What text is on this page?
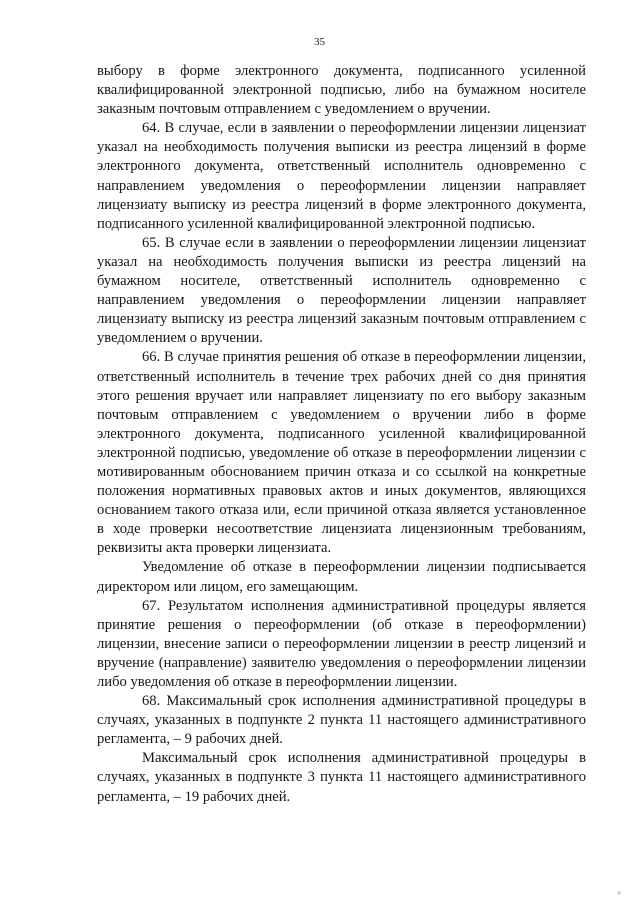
35

выбору в форме электронного документа, подписанного усиленной квалифицированной электронной подписью, либо на бумажном носителе заказным почтовым отправлением с уведомлением о вручении.

64. В случае, если в заявлении о переоформлении лицензии лицензиат указал на необходимость получения выписки из реестра лицензий в форме электронного документа, ответственный исполнитель одновременно с направлением уведомления о переоформлении лицензии направляет лицензиату выписку из реестра лицензий в форме электронного документа, подписанного усиленной квалифицированной электронной подписью.

65. В случае если в заявлении о переоформлении лицензии лицензиат указал на необходимость получения выписки из реестра лицензий на бумажном носителе, ответственный исполнитель одновременно с направлением уведомления о переоформлении лицензии направляет лицензиату выписку из реестра лицензий заказным почтовым отправлением с уведомлением о вручении.

66. В случае принятия решения об отказе в переоформлении лицензии, ответственный исполнитель в течение трех рабочих дней со дня принятия этого решения вручает или направляет лицензиату по его выбору заказным почтовым отправлением с уведомлением о вручении либо в форме электронного документа, подписанного усиленной квалифицированной электронной подписью, уведомление об отказе в переоформлении лицензии с мотивированным обоснованием причин отказа и со ссылкой на конкретные положения нормативных правовых актов и иных документов, являющихся основанием такого отказа или, если причиной отказа является установленное в ходе проверки несоответствие лицензиата лицензионным требованиям, реквизиты акта проверки лицензиата.

Уведомление об отказе в переоформлении лицензии подписывается директором или лицом, его замещающим.

67. Результатом исполнения административной процедуры является принятие решения о переоформлении (об отказе в переоформлении) лицензии, внесение записи о переоформлении лицензии в реестр лицензий и вручение (направление) заявителю уведомления о переоформлении лицензии либо уведомления об отказе в переоформлении лицензии.

68. Максимальный срок исполнения административной процедуры в случаях, указанных в подпункте 2 пункта 11 настоящего административного регламента, – 9 рабочих дней.

Максимальный срок исполнения административной процедуры в случаях, указанных в подпункте 3 пункта 11 настоящего административного регламента, – 19 рабочих дней.
